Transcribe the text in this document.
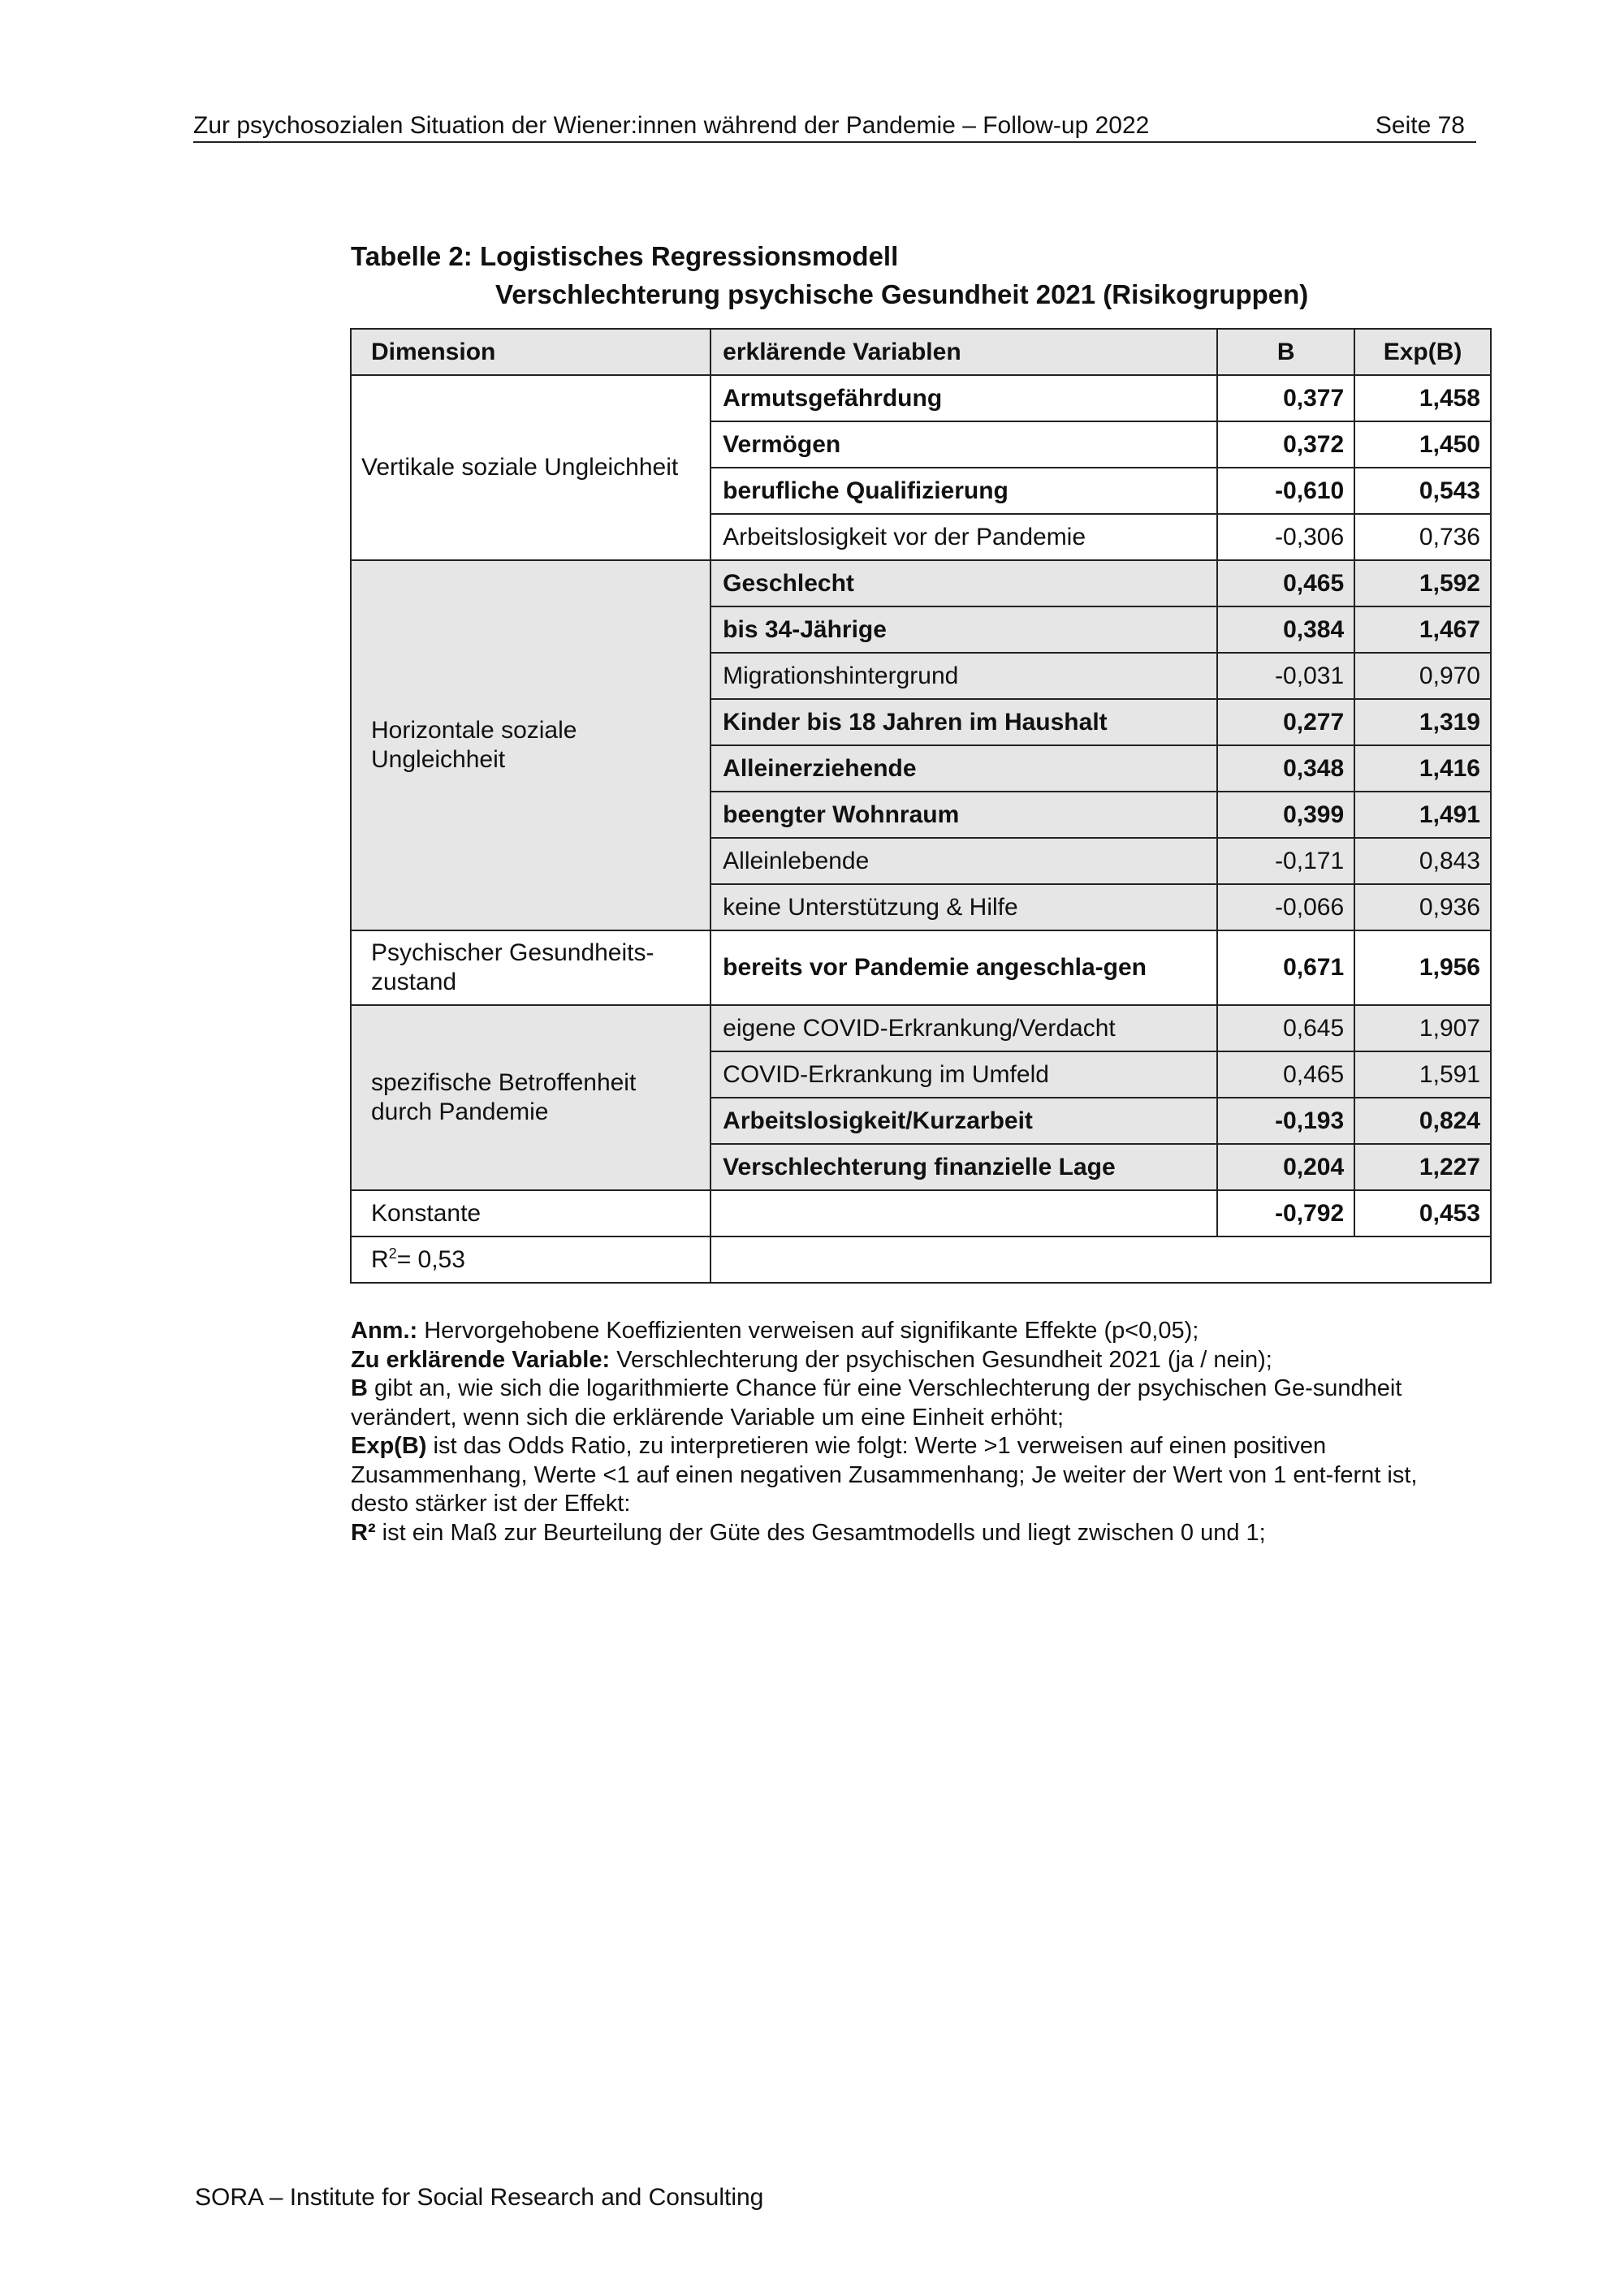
Zur psychosozialen Situation der Wiener:innen während der Pandemie – Follow-up 2022	Seite 78
Tabelle 2: Logistisches Regressionsmodell
Verschlechterung psychische Gesundheit 2021 (Risikogruppen)
Dimension	erklärende Variablen	B	Exp(B)
Vertikale soziale Ungleichheit	Armutsgefährdung	0,377	1,458
	Vermögen	0,372	1,450
	berufliche Qualifizierung	-0,610	0,543
	Arbeitslosigkeit vor der Pandemie	-0,306	0,736
Horizontale soziale Ungleichheit	Geschlecht	0,465	1,592
	bis 34-Jährige	0,384	1,467
	Migrationshintergrund	-0,031	0,970
	Kinder bis 18 Jahren im Haushalt	0,277	1,319
	Alleinerziehende	0,348	1,416
	beengter Wohnraum	0,399	1,491
	Alleinlebende	-0,171	0,843
	keine Unterstützung & Hilfe	-0,066	0,936
Psychischer Gesundheits-zustand	bereits vor Pandemie angeschla-gen	0,671	1,956
spezifische Betroffenheit durch Pandemie	eigene COVID-Erkrankung/Verdacht	0,645	1,907
	COVID-Erkrankung im Umfeld	0,465	1,591
	Arbeitslosigkeit/Kurzarbeit	-0,193	0,824
	Verschlechterung finanzielle Lage	0,204	1,227
Konstante		-0,792	0,453
$R^2= 0,53$			
Anm.: Hervorgehobene Koeffizienten verweisen auf signifikante Effekte (p<0,05);
Zu erklärende Variable: Verschlechterung der psychischen Gesundheit 2021 (ja / nein);
B gibt an, wie sich die logarithmierte Chance für eine Verschlechterung der psychischen Ge-sundheit verändert, wenn sich die erklärende Variable um eine Einheit erhöht;
Exp(B) ist das Odds Ratio, zu interpretieren wie folgt: Werte >1 verweisen auf einen positiven Zusammenhang, Werte <1 auf einen negativen Zusammenhang; Je weiter der Wert von 1 ent-fernt ist, desto stärker ist der Effekt:
R² ist ein Maß zur Beurteilung der Güte des Gesamtmodells und liegt zwischen 0 und 1;
SORA – Institute for Social Research and Consulting
